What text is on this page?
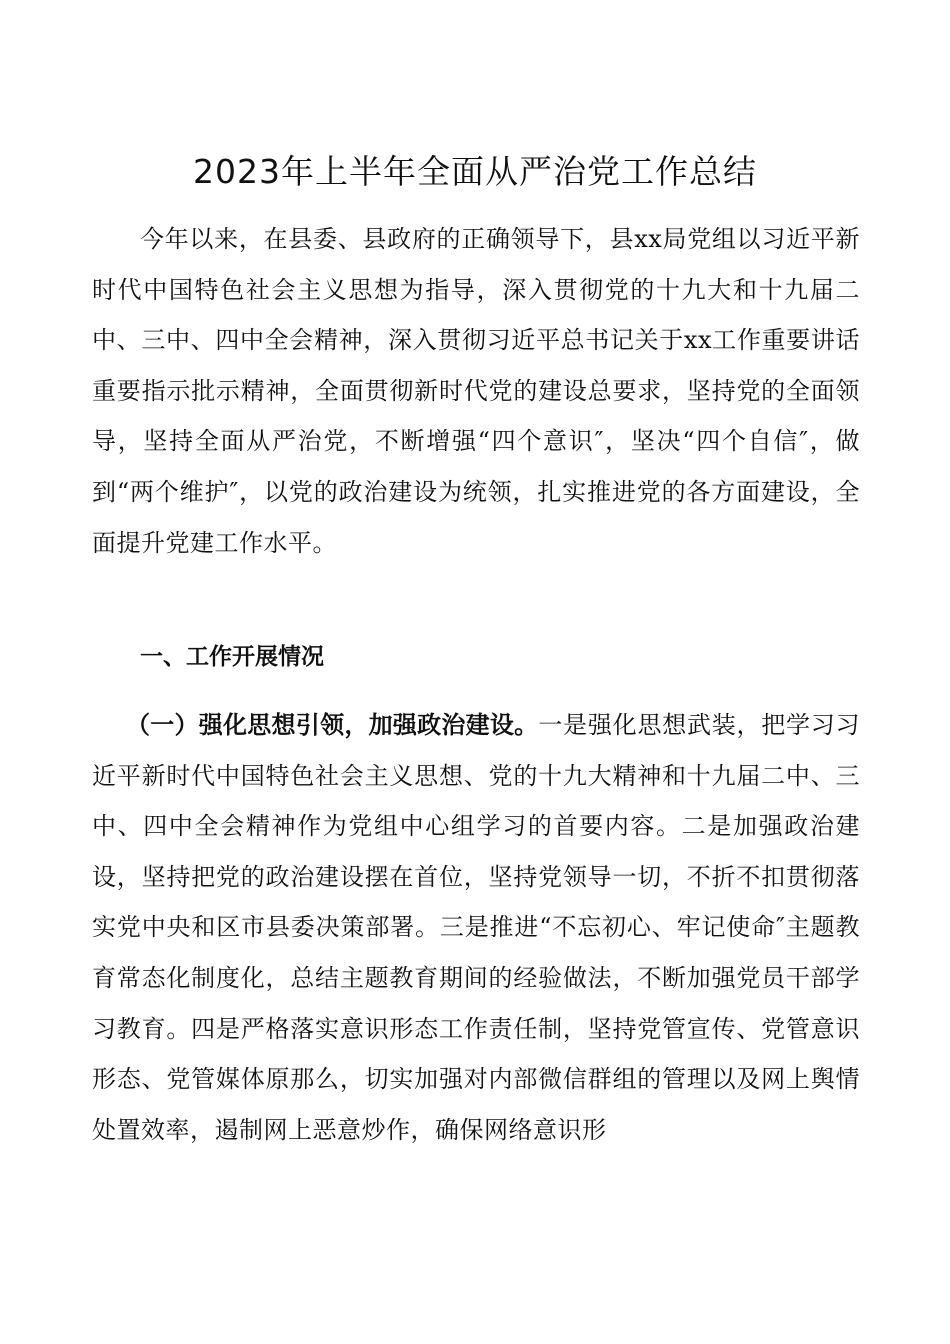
2023年上半年全面从严治党工作总结
今年以来，在县委、县政府的正确领导下，县xx局党组以习近平新时代中国特色社会主义思想为指导，深入贯彻党的十九大和十九届二中、三中、四中全会精神，深入贯彻习近平总书记关于xx工作重要讲话重要指示批示精神，全面贯彻新时代党的建设总要求，坚持党的全面领导，坚持全面从严治党，不断增强“四个意识″，坚决“四个自信″，做到“两个维护″，以党的政治建设为统领，扎实推进党的各方面建设，全面提升党建工作水平。
一、工作开展情况
（一）强化思想引领，加强政治建设。一是强化思想武装，把学习习近平新时代中国特色社会主义思想、党的十九大精神和十九届二中、三中、四中全会精神作为党组中心组学习的首要内容。二是加强政治建设，坚持把党的政治建设摆在首位，坚持党领导一切，不折不扣贯彻落实党中央和区市县委决策部署。三是推进“不忘初心、牢记使命″主题教育常态化制度化，总结主题教育期间的经验做法，不断加强党员干部学习教育。四是严格落实意识形态工作责任制，坚持党管宣传、党管意识形态、党管媒体原那么，切实加强对内部微信群组的管理以及网上舆情处置效率，遏制网上恶意炒作，确保网络意识形
